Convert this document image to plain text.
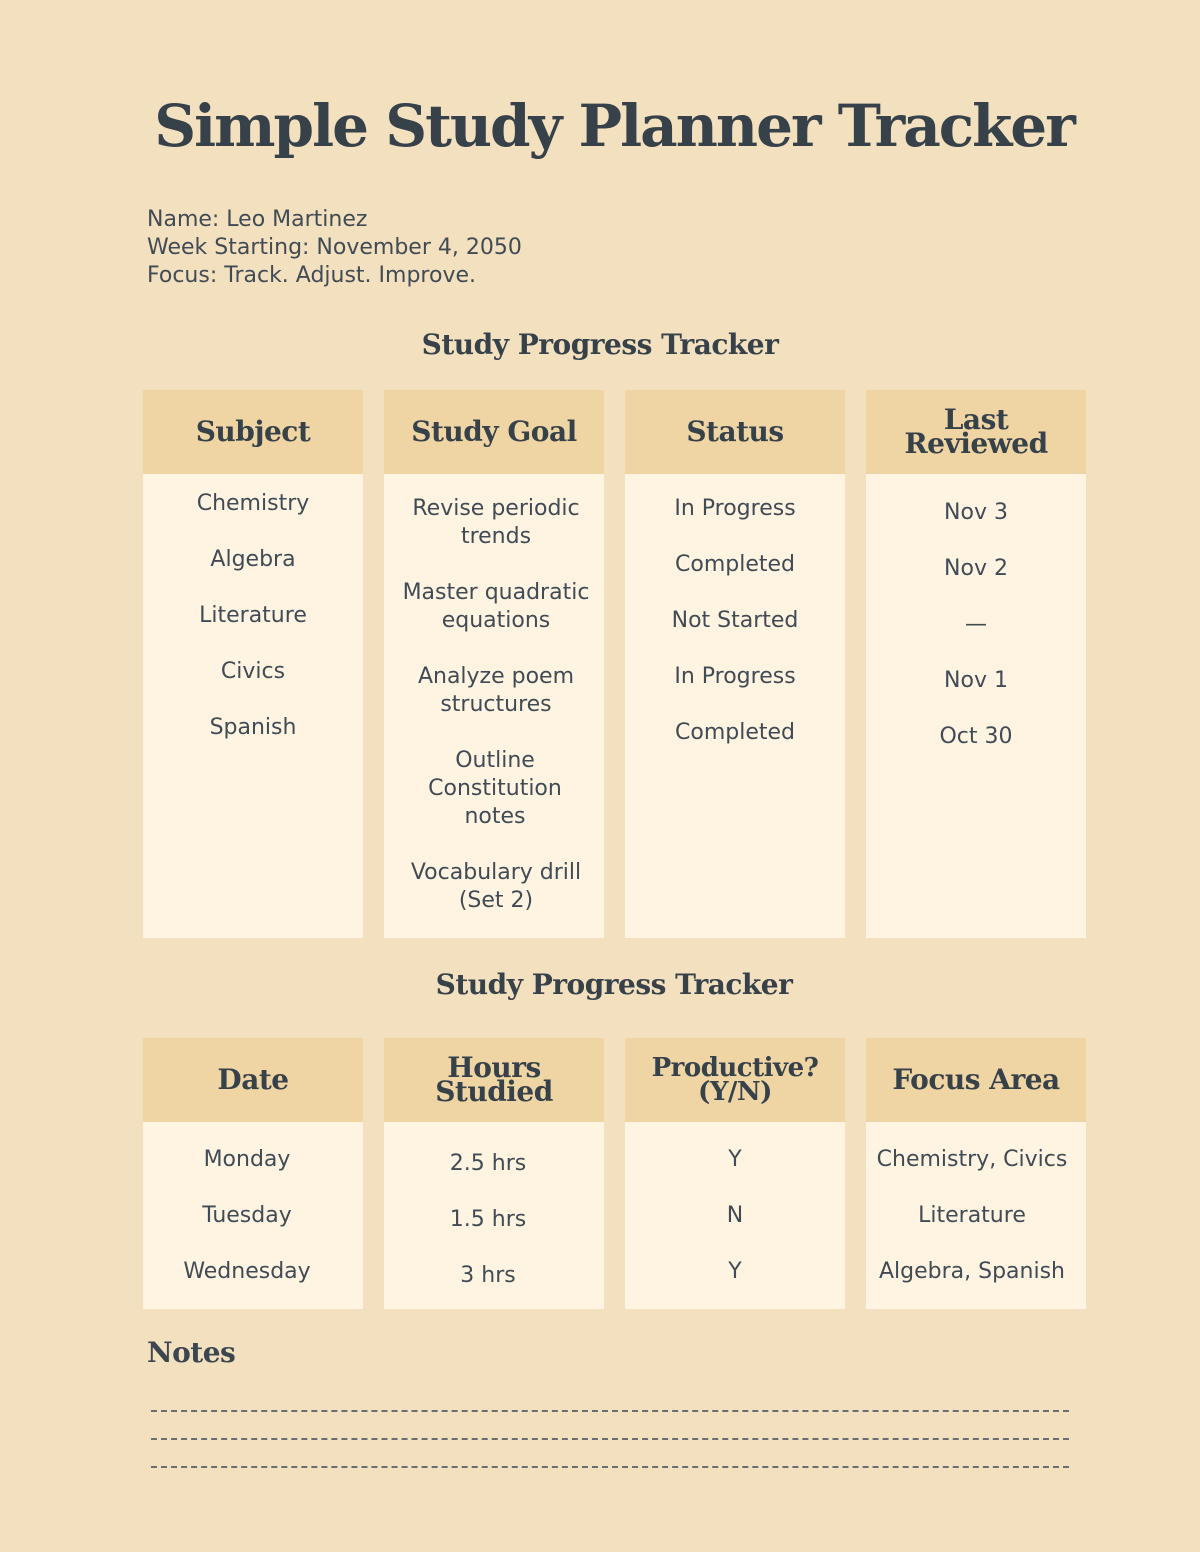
Simple Study Planner Tracker
Name: Leo Martinez
Week Starting: November 4, 2050
Focus: Track. Adjust. Improve.
Study Progress Tracker
Subject
Chemistry
Algebra
Literature
Civics
Spanish
Study Goal
Revise periodic trends
Master quadratic equations
Analyze poem structures
Outline Constitution notes
Vocabulary drill (Set 2)
Status
In Progress
Completed
Not Started
In Progress
Completed
Last Reviewed
Nov 3
Nov 2
—
Nov 1
Oct 30
Study Progress Tracker
Date
Monday
Tuesday
Wednesday
Hours Studied
2.5 hrs
1.5 hrs
3 hrs
Productive? (Y/N)
Y
N
Y
Focus Area
Chemistry, Civics
Literature
Algebra, Spanish
Notes
